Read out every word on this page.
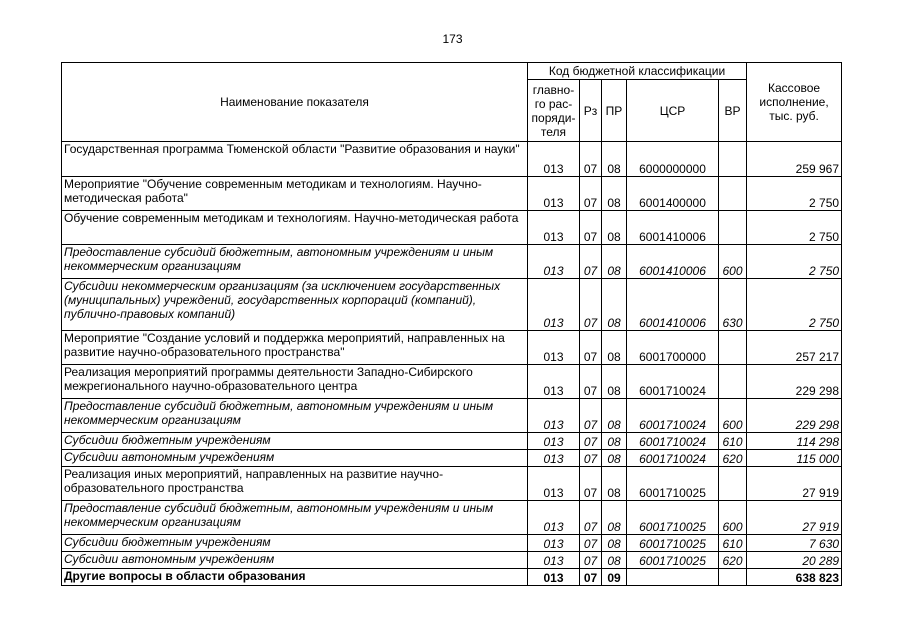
173
Наименование показателя	Код бюджетной классификации					Кассовое исполнение, тыс. руб.
	главно-го рас-поряди-теля	Рз	ПР	ЦСР	ВР	
Государственная программа Тюменской области "Развитие образования и науки"	013	07	08	6000000000		259 967
Мероприятие "Обучение современным методикам и технологиям. Научно-методическая работа"	013	07	08	6001400000		2 750
Обучение современным методикам и технологиям. Научно-методическая работа	013	07	08	6001410006		2 750
Предоставление субсидий бюджетным, автономным учреждениям и иным некоммерческим организациям	013	07	08	6001410006	600	2 750
Субсидии некоммерческим организациям (за исключением государственных (муниципальных) учреждений, государственных корпораций (компаний), публично-правовых компаний)	013	07	08	6001410006	630	2 750
Мероприятие "Создание условий и поддержка мероприятий, направленных на развитие научно-образовательного пространства"	013	07	08	6001700000		257 217
Реализация мероприятий программы деятельности Западно-Сибирского межрегионального научно-образовательного центра	013	07	08	6001710024		229 298
Предоставление субсидий бюджетным, автономным учреждениям и иным некоммерческим организациям	013	07	08	6001710024	600	229 298
Субсидии бюджетным учреждениям	013	07	08	6001710024	610	114 298
Субсидии автономным учреждениям	013	07	08	6001710024	620	115 000
Реализация иных мероприятий, направленных на развитие научно-образовательного пространства	013	07	08	6001710025		27 919
Предоставление субсидий бюджетным, автономным учреждениям и иным некоммерческим организациям	013	07	08	6001710025	600	27 919
Субсидии бюджетным учреждениям	013	07	08	6001710025	610	7 630
Субсидии автономным учреждениям	013	07	08	6001710025	620	20 289
Другие вопросы в области образования	013	07	09			638 823
